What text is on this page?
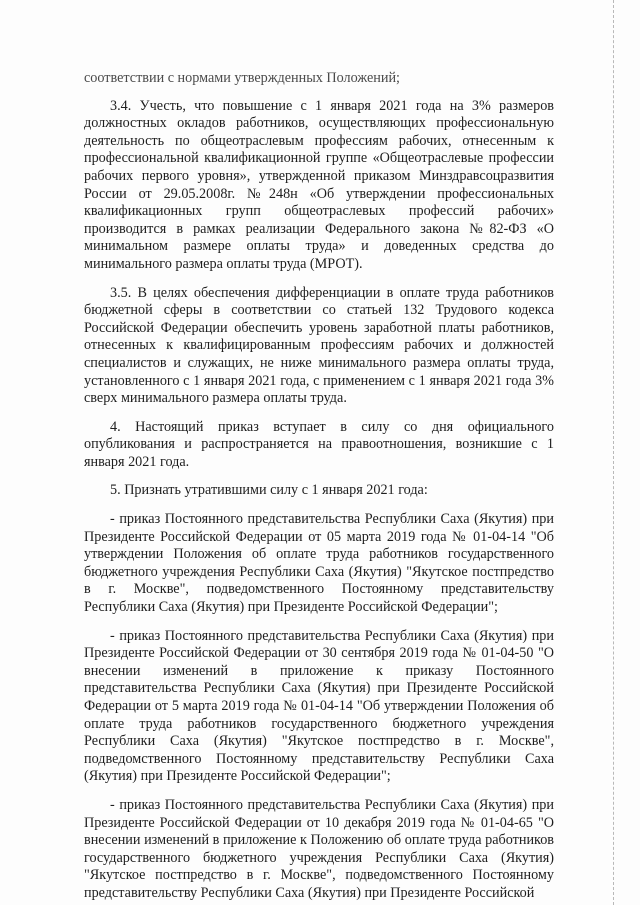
соответствии с нормами утвержденных Положений;

3.4. Учесть, что повышение с 1 января 2021 года на 3% размеров должностных окладов работников, осуществляющих профессиональную деятельность по общеотраслевым профессиям рабочих, отнесенным к профессиональной квалификационной группе «Общеотраслевые профессии рабочих первого уровня», утвержденной приказом Минздравсоцразвития России от 29.05.2008г. №248н «Об утверждении профессиональных квалификационных групп общеотраслевых профессий рабочих» производится в рамках реализации Федерального закона №82-ФЗ «О минимальном размере оплаты труда» и доведенных средства до минимального размера оплаты труда (МРОТ).

3.5. В целях обеспечения дифференциации в оплате труда работников бюджетной сферы в соответствии со статьей 132 Трудового кодекса Российской Федерации обеспечить уровень заработной платы работников, отнесенных к квалифицированным профессиям рабочих и должностей специалистов и служащих, не ниже минимального размера оплаты труда, установленного с 1 января 2021 года, с применением с 1 января 2021 года 3% сверх минимального размера оплаты труда.

4. Настоящий приказ вступает в силу со дня официального опубликования и распространяется на правоотношения, возникшие с 1 января 2021 года.

5. Признать утратившими силу с 1 января 2021 года:

- приказ Постоянного представительства Республики Саха (Якутия) при Президенте Российской Федерации от 05 марта 2019 года № 01-04-14 "Об утверждении Положения об оплате труда работников государственного бюджетного учреждения Республики Саха (Якутия) "Якутское постпредство в г. Москве", подведомственного Постоянному представительству Республики Саха (Якутия) при Президенте Российской Федерации";

- приказ Постоянного представительства Республики Саха (Якутия) при Президенте Российской Федерации от 30 сентября 2019 года № 01-04-50 "О внесении изменений в приложение к приказу Постоянного представительства Республики Саха (Якутия) при Президенте Российской Федерации от 5 марта 2019 года № 01-04-14 "Об утверждении Положения об оплате труда работников государственного бюджетного учреждения Республики Саха (Якутия) "Якутское постпредство в г. Москве", подведомственного Постоянному представительству Республики Саха (Якутия) при Президенте Российской Федерации";

- приказ Постоянного представительства Республики Саха (Якутия) при Президенте Российской Федерации от 10 декабря 2019 года № 01-04-65 "О внесении изменений в приложение к Положению об оплате труда работников государственного бюджетного учреждения Республики Саха (Якутия) "Якутское постпредство в г. Москве", подведомственного Постоянному представительству Республики Саха (Якутия) при Президенте Российской
